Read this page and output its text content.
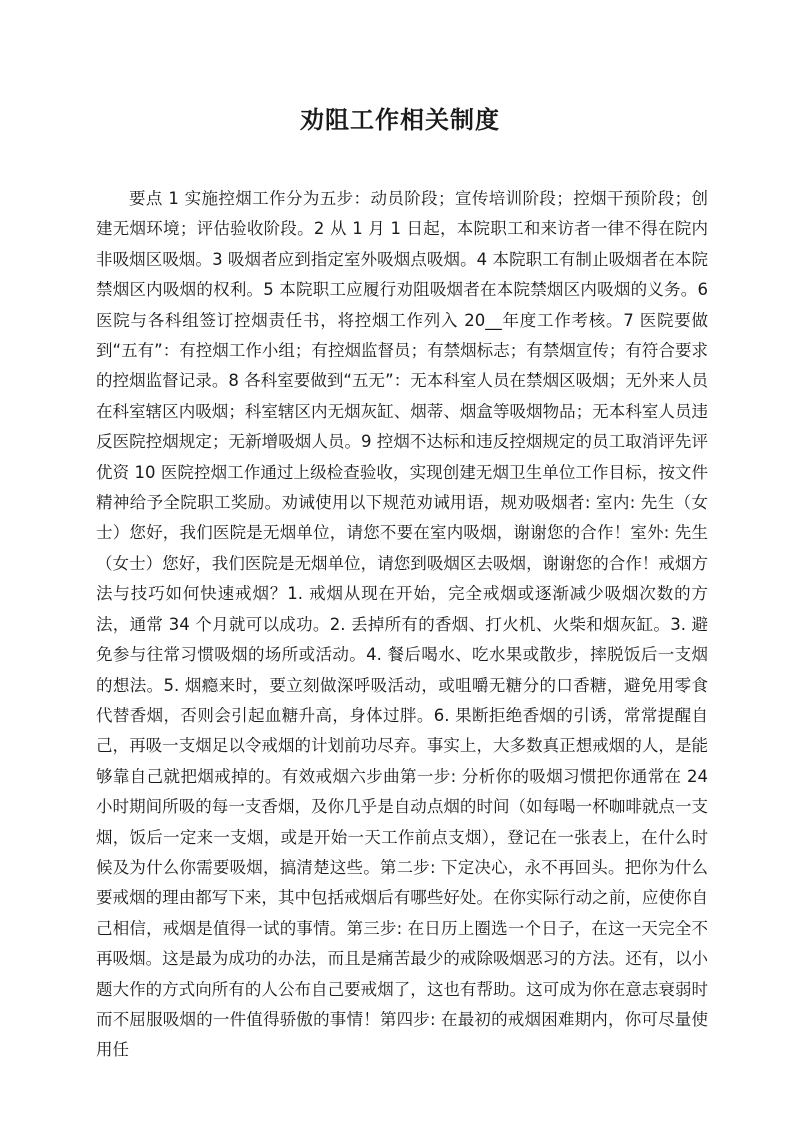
劝阻工作相关制度

要点 1 实施控烟工作分为五步：动员阶段；宣传培训阶段；控烟干预阶段；创建无烟环境；评估验收阶段。2 从 1 月 1 日起，本院职工和来访者一律不得在院内非吸烟区吸烟。3 吸烟者应到指定室外吸烟点吸烟。4 本院职工有制止吸烟者在本院禁烟区内吸烟的权利。5 本院职工应履行劝阻吸烟者在本院禁烟区内吸烟的义务。6 医院与各科组签订控烟责任书，将控烟工作列入 20__年度工作考核。7 医院要做到“五有”：有控烟工作小组；有控烟监督员；有禁烟标志；有禁烟宣传；有符合要求的控烟监督记录。8 各科室要做到“五无”：无本科室人员在禁烟区吸烟；无外来人员在科室辖区内吸烟；科室辖区内无烟灰缸、烟蒂、烟盒等吸烟物品；无本科室人员违反医院控烟规定；无新增吸烟人员。9 控烟不达标和违反控烟规定的员工取消评先评优资 10 医院控烟工作通过上级检查验收，实现创建无烟卫生单位工作目标，按文件精神给予全院职工奖励。劝诫使用以下规范劝诫用语，规劝吸烟者: 室内: 先生（女士）您好，我们医院是无烟单位，请您不要在室内吸烟，谢谢您的合作！室外: 先生（女士）您好，我们医院是无烟单位，请您到吸烟区去吸烟，谢谢您的合作！戒烟方法与技巧如何快速戒烟？1. 戒烟从现在开始，完全戒烟或逐渐减少吸烟次数的方法，通常 34 个月就可以成功。2. 丢掉所有的香烟、打火机、火柴和烟灰缸。3. 避免参与往常习惯吸烟的场所或活动。4. 餐后喝水、吃水果或散步，摔脱饭后一支烟的想法。5. 烟瘾来时，要立刻做深呼吸活动，或咀嚼无糖分的口香糖，避免用零食代替香烟，否则会引起血糖升高，身体过胖。6. 果断拒绝香烟的引诱，常常提醒自己，再吸一支烟足以令戒烟的计划前功尽弃。事实上，大多数真正想戒烟的人，是能够靠自己就把烟戒掉的。有效戒烟六步曲第一步: 分析你的吸烟习惯把你通常在 24 小时期间所吸的每一支香烟，及你几乎是自动点烟的时间（如每喝一杯咖啡就点一支烟，饭后一定来一支烟，或是开始一天工作前点支烟），登记在一张表上，在什么时候及为什么你需要吸烟，搞清楚这些。第二步: 下定决心，永不再回头。把你为什么要戒烟的理由都写下来，其中包括戒烟后有哪些好处。在你实际行动之前，应使你自己相信，戒烟是值得一试的事情。第三步: 在日历上圈选一个日子，在这一天完全不再吸烟。这是最为成功的办法，而且是痛苦最少的戒除吸烟恶习的方法。还有，以小题大作的方式向所有的人公布自己要戒烟了，这也有帮助。这可成为你在意志衰弱时而不屈服吸烟的一件值得骄傲的事情！第四步: 在最初的戒烟困难期内，你可尽量使用任
